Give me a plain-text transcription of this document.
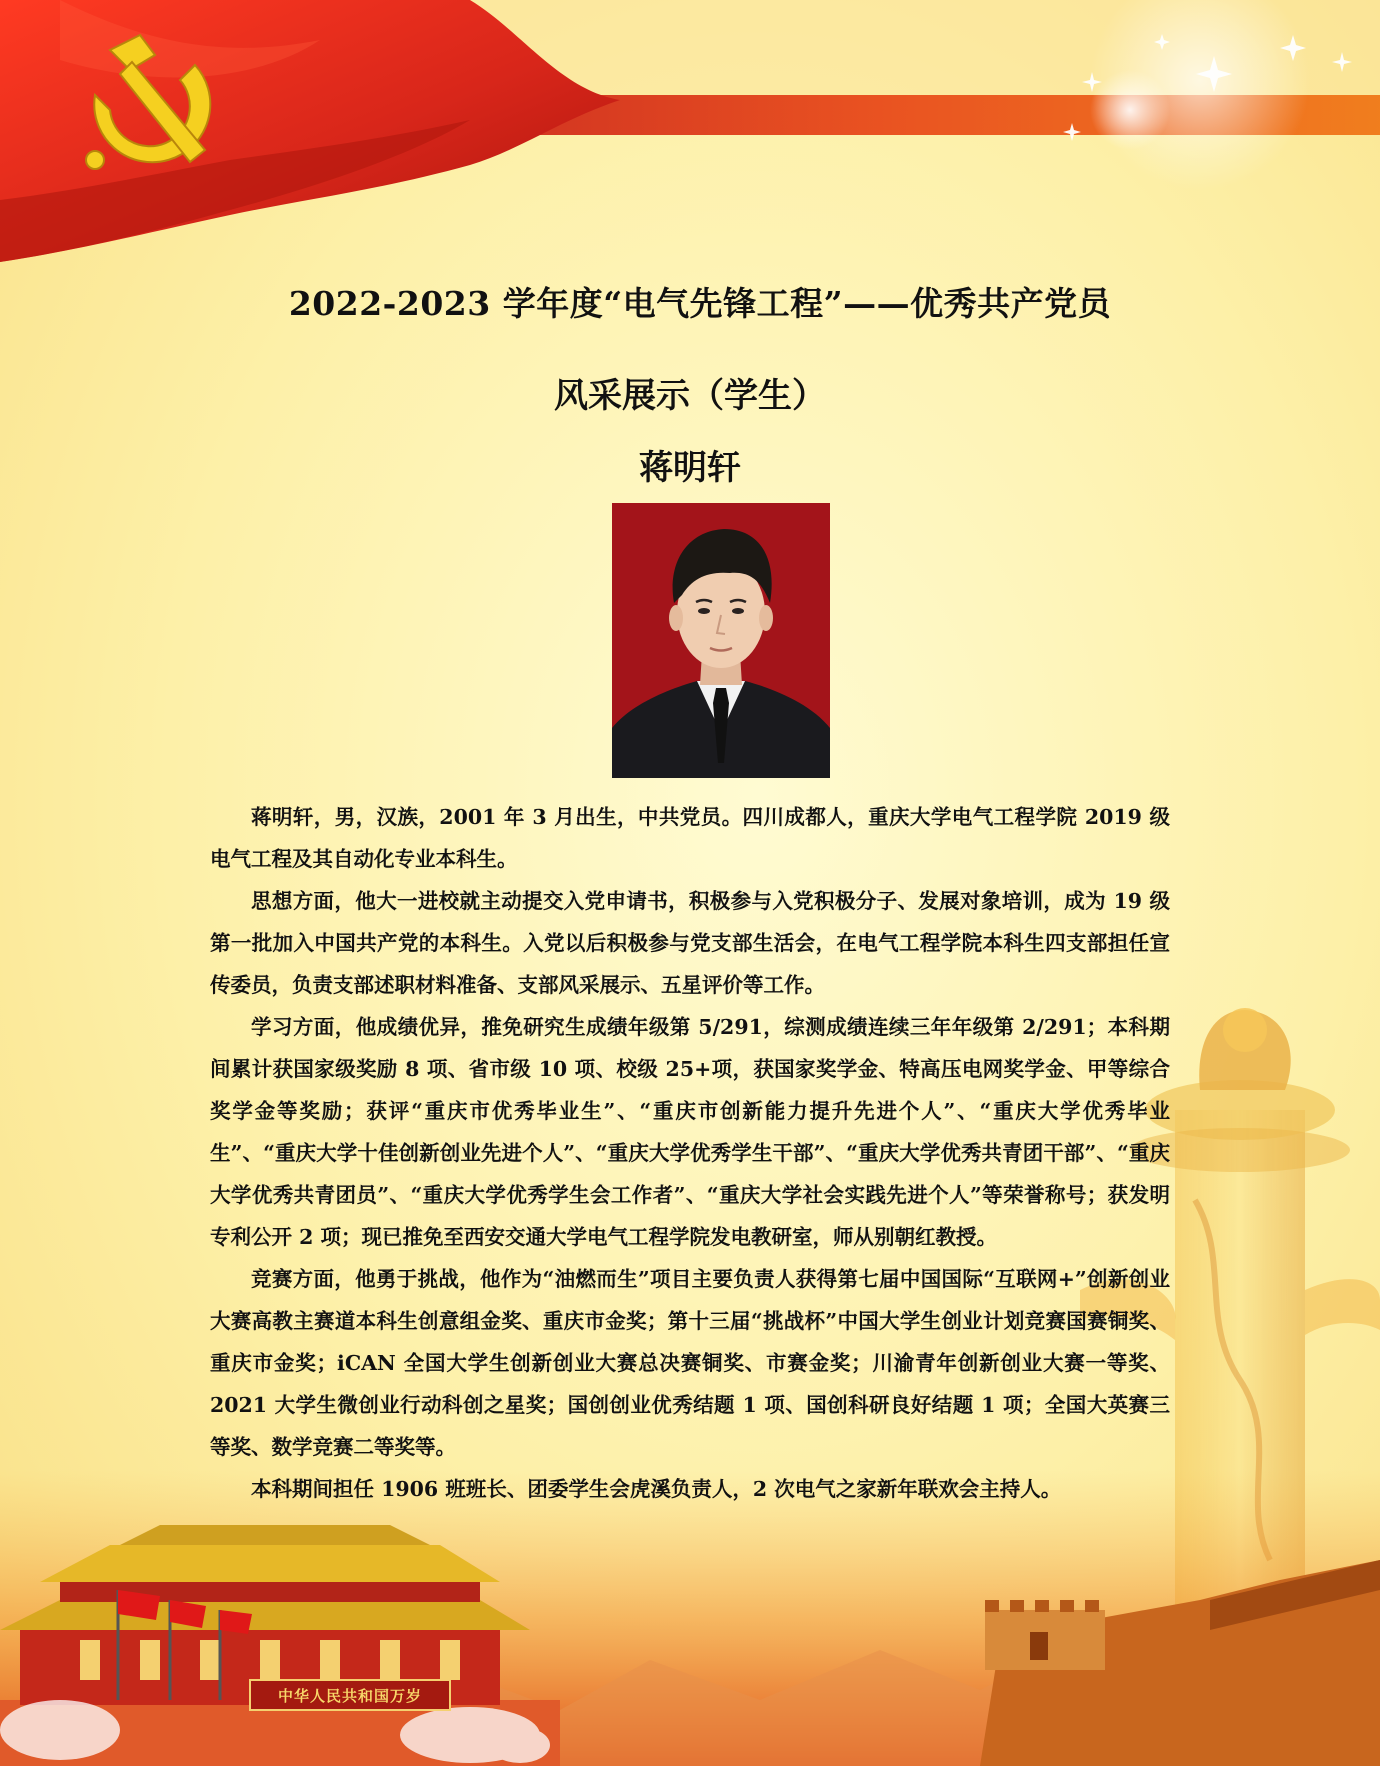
中华人民共和国万岁
2022-2023 学年度“电气先锋工程”——优秀共产党员
风采展示（学生）
蒋明轩

蒋明轩，男，汉族，2001 年 3 月出生，中共党员。四川成都人，重庆大学电气工程学院 2019 级电气工程及其自动化专业本科生。

思想方面，他大一进校就主动提交入党申请书，积极参与入党积极分子、发展对象培训，成为 19 级第一批加入中国共产党的本科生。入党以后积极参与党支部生活会，在电气工程学院本科生四支部担任宣传委员，负责支部述职材料准备、支部风采展示、五星评价等工作。

学习方面，他成绩优异，推免研究生成绩年级第 5/291，综测成绩连续三年年级第 2/291；本科期间累计获国家级奖励 8 项、省市级 10 项、校级 25+项，获国家奖学金、特高压电网奖学金、甲等综合奖学金等奖励；获评“重庆市优秀毕业生”、“重庆市创新能力提升先进个人”、“重庆大学优秀毕业生”、“重庆大学十佳创新创业先进个人”、“重庆大学优秀学生干部”、“重庆大学优秀共青团干部”、“重庆大学优秀共青团员”、“重庆大学优秀学生会工作者”、“重庆大学社会实践先进个人”等荣誉称号；获发明专利公开 2 项；现已推免至西安交通大学电气工程学院发电教研室，师从别朝红教授。

竞赛方面，他勇于挑战，他作为“油燃而生”项目主要负责人获得第七届中国国际“互联网+”创新创业大赛高教主赛道本科生创意组金奖、重庆市金奖；第十三届“挑战杯”中国大学生创业计划竞赛国赛铜奖、重庆市金奖；iCAN 全国大学生创新创业大赛总决赛铜奖、市赛金奖；川渝青年创新创业大赛一等奖、2021 大学生微创业行动科创之星奖；国创创业优秀结题 1 项、国创科研良好结题 1 项；全国大英赛三等奖、数学竞赛二等奖等。

本科期间担任 1906 班班长、团委学生会虎溪负责人，2 次电气之家新年联欢会主持人。
